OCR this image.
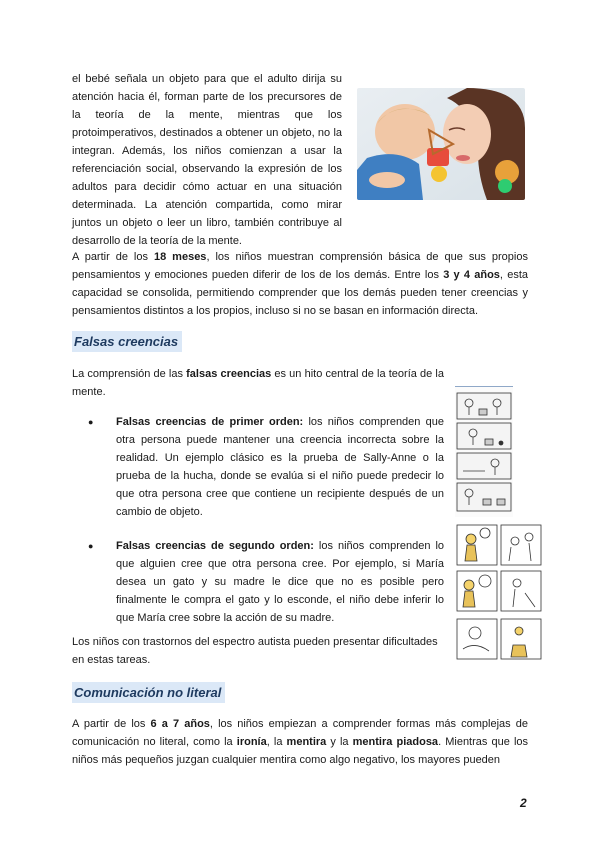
el bebé señala un objeto para que el adulto dirija su atención hacia él, forman parte de los precursores de la teoría de la mente, mientras que los protoimperativos, destinados a obtener un objeto, no la integran. Además, los niños comienzan a usar la referenciación social, observando la expresión de los adultos para decidir cómo actuar en una situación determinada. La atención compartida, como mirar juntos un objeto o leer un libro, también contribuye al desarrollo de la teoría de la mente.

A partir de los 18 meses, los niños muestran comprensión básica de que sus propios pensamientos y emociones pueden diferir de los de los demás. Entre los 3 y 4 años, esta capacidad se consolida, permitiendo comprender que los demás pueden tener creencias y pensamientos distintos a los propios, incluso si no se basan en información directa.

Falsas creencias

La comprensión de las falsas creencias es un hito central de la teoría de la mente.

● Falsas creencias de primer orden: los niños comprenden que otra persona puede mantener una creencia incorrecta sobre la realidad. Un ejemplo clásico es la prueba de Sally-Anne o la prueba de la hucha, donde se evalúa si el niño puede predecir lo que otra persona cree que contiene un recipiente después de un cambio de objeto.
● Falsas creencias de segundo orden: los niños comprenden lo que alguien cree que otra persona cree. Por ejemplo, si María desea un gato y su madre le dice que no es posible pero finalmente le compra el gato y lo esconde, el niño debe inferir lo que María cree sobre la acción de su madre.

Los niños con trastornos del espectro autista pueden presentar dificultades en estas tareas.

Comunicación no literal

A partir de los 6 a 7 años, los niños empiezan a comprender formas más complejas de comunicación no literal, como la ironía, la mentira y la mentira piadosa. Mientras que los niños más pequeños juzgan cualquier mentira como algo negativo, los mayores pueden

2
